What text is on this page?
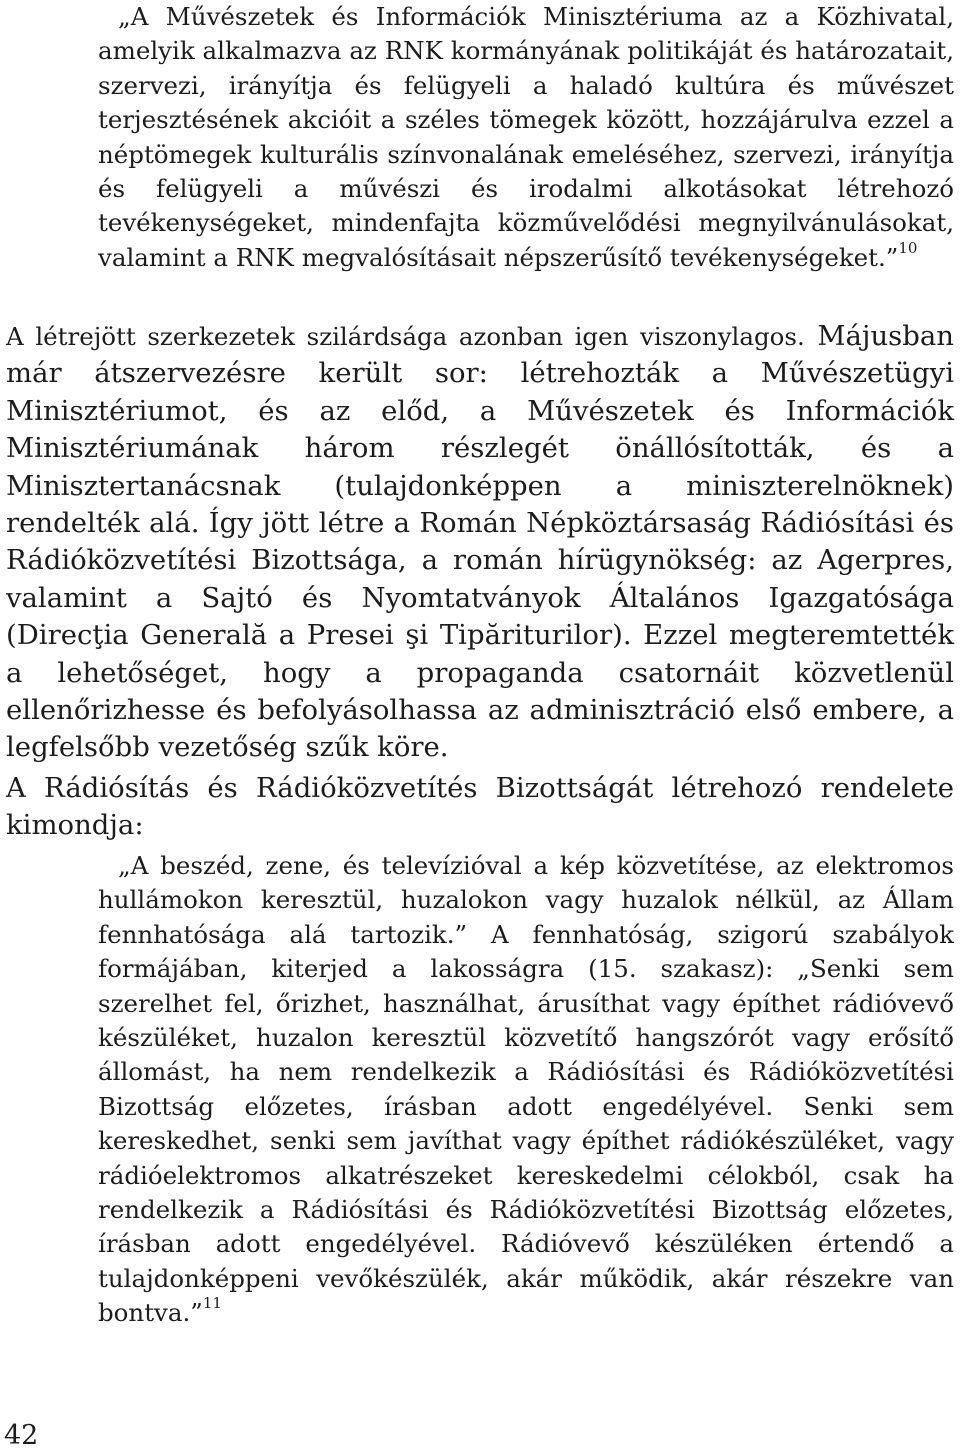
„A Művészetek és Információk Minisztériuma az a Közhivatal, amelyik alkalmazva az RNK kormányának politikáját és határozatait, szervezi, irányítja és felügyeli a haladó kultúra és művészet terjesztésének akcióit a széles tömegek között, hozzájárulva ezzel a néptömegek kulturális színvonalának emeléséhez, szervezi, irányítja és felügyeli a művészi és irodalmi alkotásokat létrehozó tevékenységeket, mindenfajta közművelődési megnyilvánulásokat, valamint a RNK megvalósításait népszerűsítő tevékenységeket.”$^{10}$

A létrejött szerkezetek szilárdsága azonban igen viszonylagos. Májusban már átszervezésre került sor: létrehozták a Művészetügyi Minisztériumot, és az előd, a Művészetek és Információk Minisztériumának három részlegét önállósították, és a Minisztertanácsnak (tulajdonképpen a miniszterelnöknek) rendelték alá. Így jött létre a Román Népköztársaság Rádiósítási és Rádióközvetítési Bizottsága, a román hírügynökség: az Agerpres, valamint a Sajtó és Nyomtatványok Általános Igazgatósága (Direcţia Generală a Presei şi Tipăriturilor). Ezzel megteremtették a lehetőséget, hogy a propaganda csatornáit közvetlenül ellenőrizhesse és befolyásolhassa az adminisztráció első embere, a legfelsőbb vezetőség szűk köre.

A Rádiósítás és Rádióközvetítés Bizottságát létrehozó rendelete kimondja:

„A beszéd, zene, és televízióval a kép közvetítése, az elektromos hullámokon keresztül, huzalokon vagy huzalok nélkül, az Állam fennhatósága alá tartozik.” A fennhatóság, szigorú szabályok formájában, kiterjed a lakosságra (15. szakasz): „Senki sem szerelhet fel, őrizhet, használhat, árusíthat vagy építhet rádióvevő készüléket, huzalon keresztül közvetítő hangszórót vagy erősítő állomást, ha nem rendelkezik a Rádiósítási és Rádióközvetítési Bizottság előzetes, írásban adott engedélyével. Senki sem kereskedhet, senki sem javíthat vagy építhet rádiókészüléket, vagy rádióelektromos alkatrészeket kereskedelmi célokból, csak ha rendelkezik a Rádiósítási és Rádióközvetítési Bizottság előzetes, írásban adott engedélyével. Rádióvevő készüléken értendő a tulajdonképpeni vevőkészülék, akár működik, akár részekre van bontva.”$^{11}$

42
